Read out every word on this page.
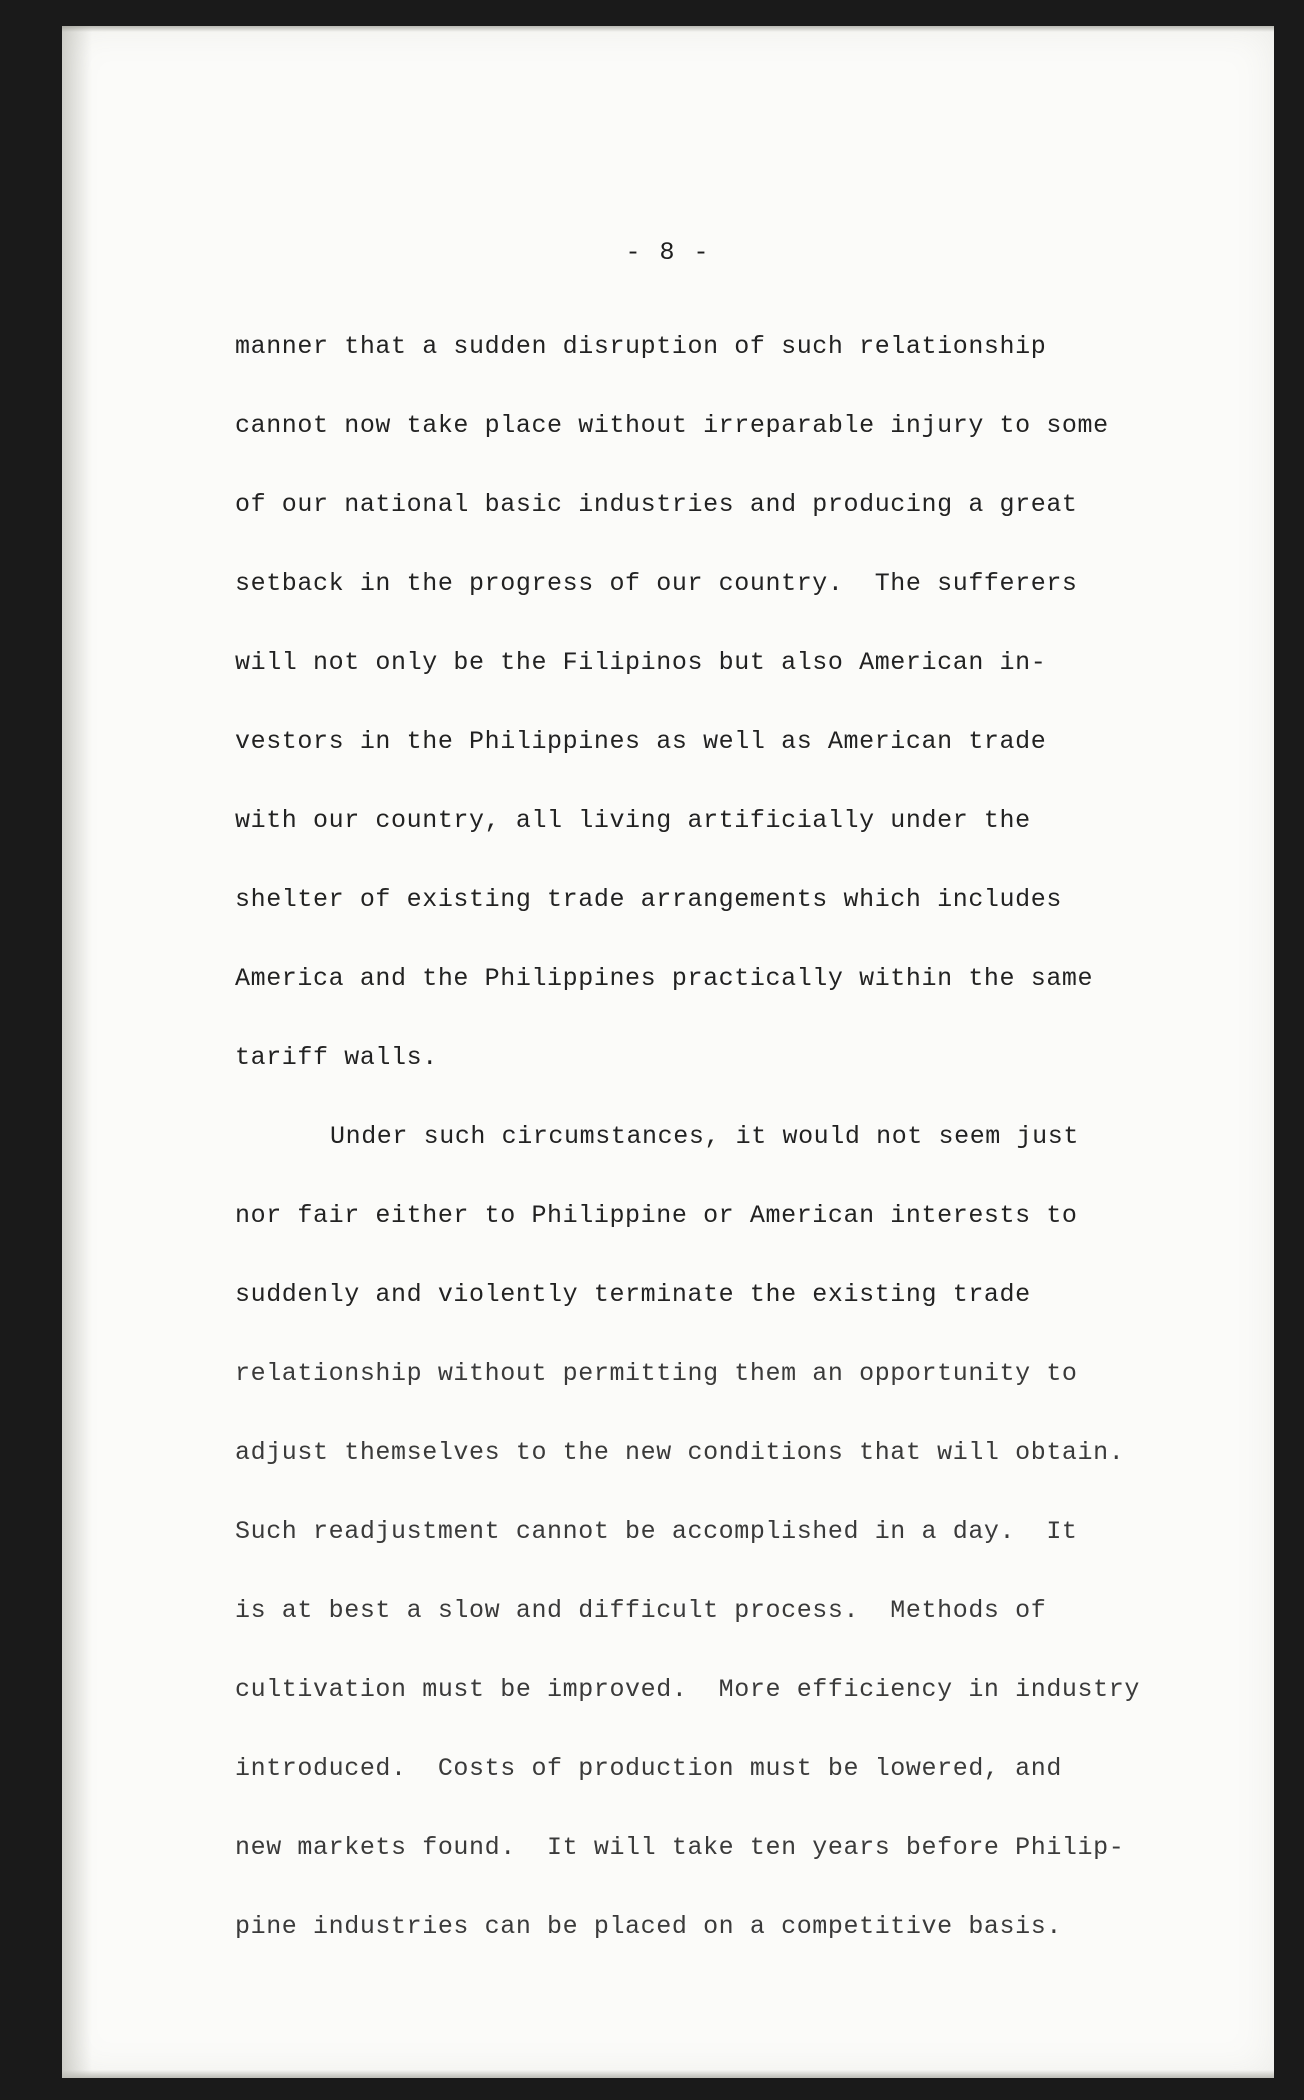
- 8 -
manner that a sudden disruption of such relationship
cannot now take place without irreparable injury to some
of our national basic industries and producing a great
setback in the progress of our country.  The sufferers
will not only be the Filipinos but also American in-
vestors in the Philippines as well as American trade
with our country, all living artificially under the
shelter of existing trade arrangements which includes
America and the Philippines practically within the same
tariff walls.
Under such circumstances, it would not seem just
nor fair either to Philippine or American interests to
suddenly and violently terminate the existing trade
relationship without permitting them an opportunity to
adjust themselves to the new conditions that will obtain.
Such readjustment cannot be accomplished in a day.  It
is at best a slow and difficult process.  Methods of
cultivation must be improved.  More efficiency in industry
introduced.  Costs of production must be lowered, and
new markets found.  It will take ten years before Philip-
pine industries can be placed on a competitive basis.
